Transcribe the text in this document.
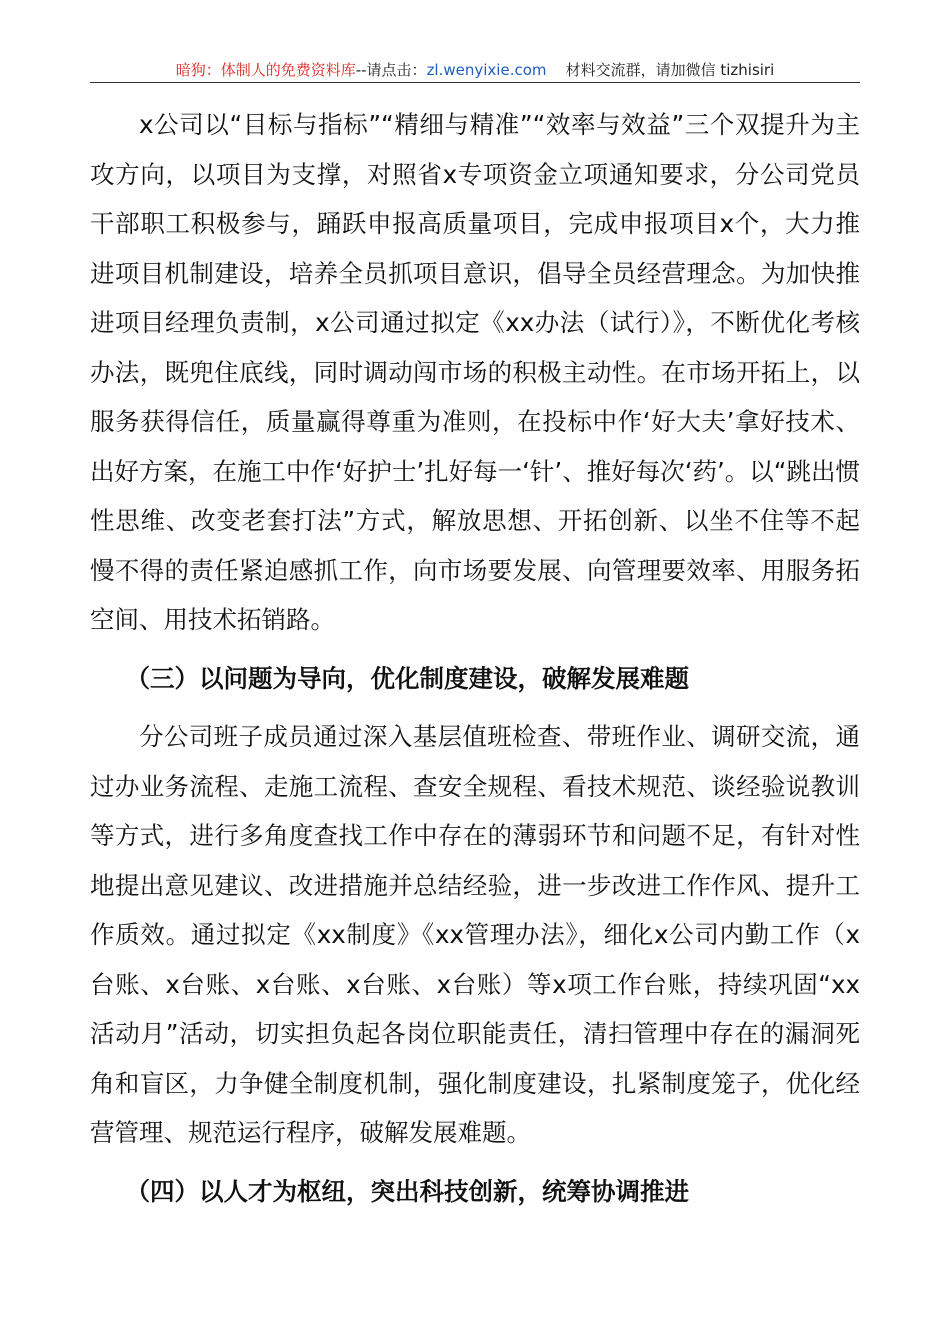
暗狗：体制人的免费资料库--请点击：zl.wenyixie.com 材料交流群，请加微信 tizhisiri

x公司以“目标与指标”“精细与精准”“效率与效益”三个双提升为主攻方向，以项目为支撑，对照省x专项资金立项通知要求，分公司党员干部职工积极参与，踊跃申报高质量项目，完成申报项目x个，大力推进项目机制建设，培养全员抓项目意识，倡导全员经营理念。为加快推进项目经理负责制，x公司通过拟定《xx办法（试行）》，不断优化考核办法，既兜住底线，同时调动闯市场的积极主动性。在市场开拓上，以服务获得信任，质量赢得尊重为准则，在投标中作‘好大夫’拿好技术、出好方案，在施工中作‘好护士’扎好每一‘针’、推好每次‘药’。以“跳出惯性思维、改变老套打法”方式，解放思想、开拓创新、以坐不住等不起慢不得的责任紧迫感抓工作，向市场要发展、向管理要效率、用服务拓空间、用技术拓销路。

（三）以问题为导向，优化制度建设，破解发展难题

分公司班子成员通过深入基层值班检查、带班作业、调研交流，通过办业务流程、走施工流程、查安全规程、看技术规范、谈经验说教训等方式，进行多角度查找工作中存在的薄弱环节和问题不足，有针对性地提出意见建议、改进措施并总结经验，进一步改进工作作风、提升工作质效。通过拟定《xx制度》《xx管理办法》，细化x公司内勤工作（x台账、x台账、x台账、x台账、x台账）等x项工作台账，持续巩固“xx活动月”活动，切实担负起各岗位职能责任，清扫管理中存在的漏洞死角和盲区，力争健全制度机制，强化制度建设，扎紧制度笼子，优化经营管理、规范运行程序，破解发展难题。

（四）以人才为枢纽，突出科技创新，统筹协调推进
